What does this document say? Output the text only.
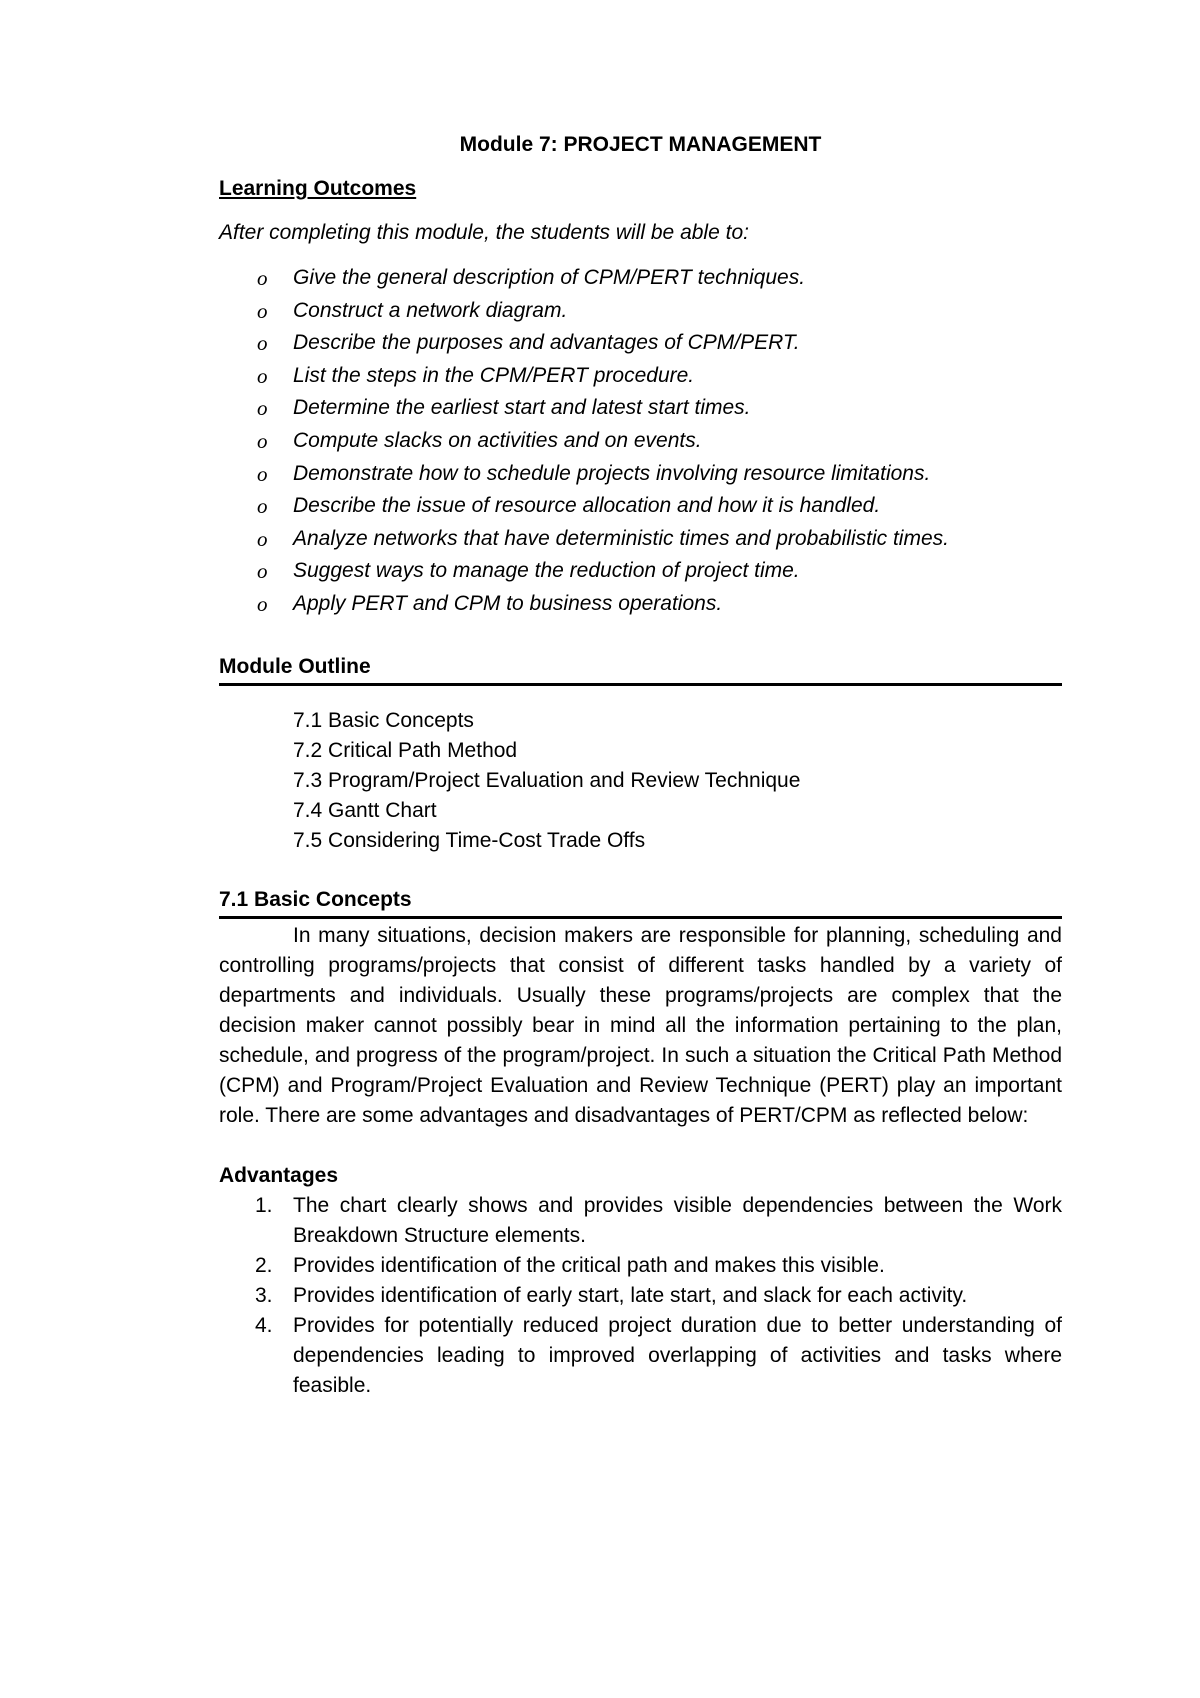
Module 7: PROJECT MANAGEMENT
Learning Outcomes
After completing this module, the students will be able to:
o Give the general description of CPM/PERT techniques.
o Construct a network diagram.
o Describe the purposes and advantages of CPM/PERT.
o List the steps in the CPM/PERT procedure.
o Determine the earliest start and latest start times.
o Compute slacks on activities and on events.
o Demonstrate how to schedule projects involving resource limitations.
o Describe the issue of resource allocation and how it is handled.
o Analyze networks that have deterministic times and probabilistic times.
o Suggest ways to manage the reduction of project time.
o Apply PERT and CPM to business operations.
Module Outline
7.1 Basic Concepts
7.2 Critical Path Method
7.3 Program/Project Evaluation and Review Technique
7.4 Gantt Chart
7.5 Considering Time-Cost Trade Offs
7.1 Basic Concepts

In many situations, decision makers are responsible for planning, scheduling and controlling programs/projects that consist of different tasks handled by a variety of departments and individuals. Usually these programs/projects are complex that the decision maker cannot possibly bear in mind all the information pertaining to the plan, schedule, and progress of the program/project. In such a situation the Critical Path Method (CPM) and Program/Project Evaluation and Review Technique (PERT) play an important role. There are some advantages and disadvantages of PERT/CPM as reflected below:

Advantages
1. The chart clearly shows and provides visible dependencies between the Work Breakdown Structure elements.
2. Provides identification of the critical path and makes this visible.
3. Provides identification of early start, late start, and slack for each activity.
4. Provides for potentially reduced project duration due to better understanding of dependencies leading to improved overlapping of activities and tasks where feasible.
